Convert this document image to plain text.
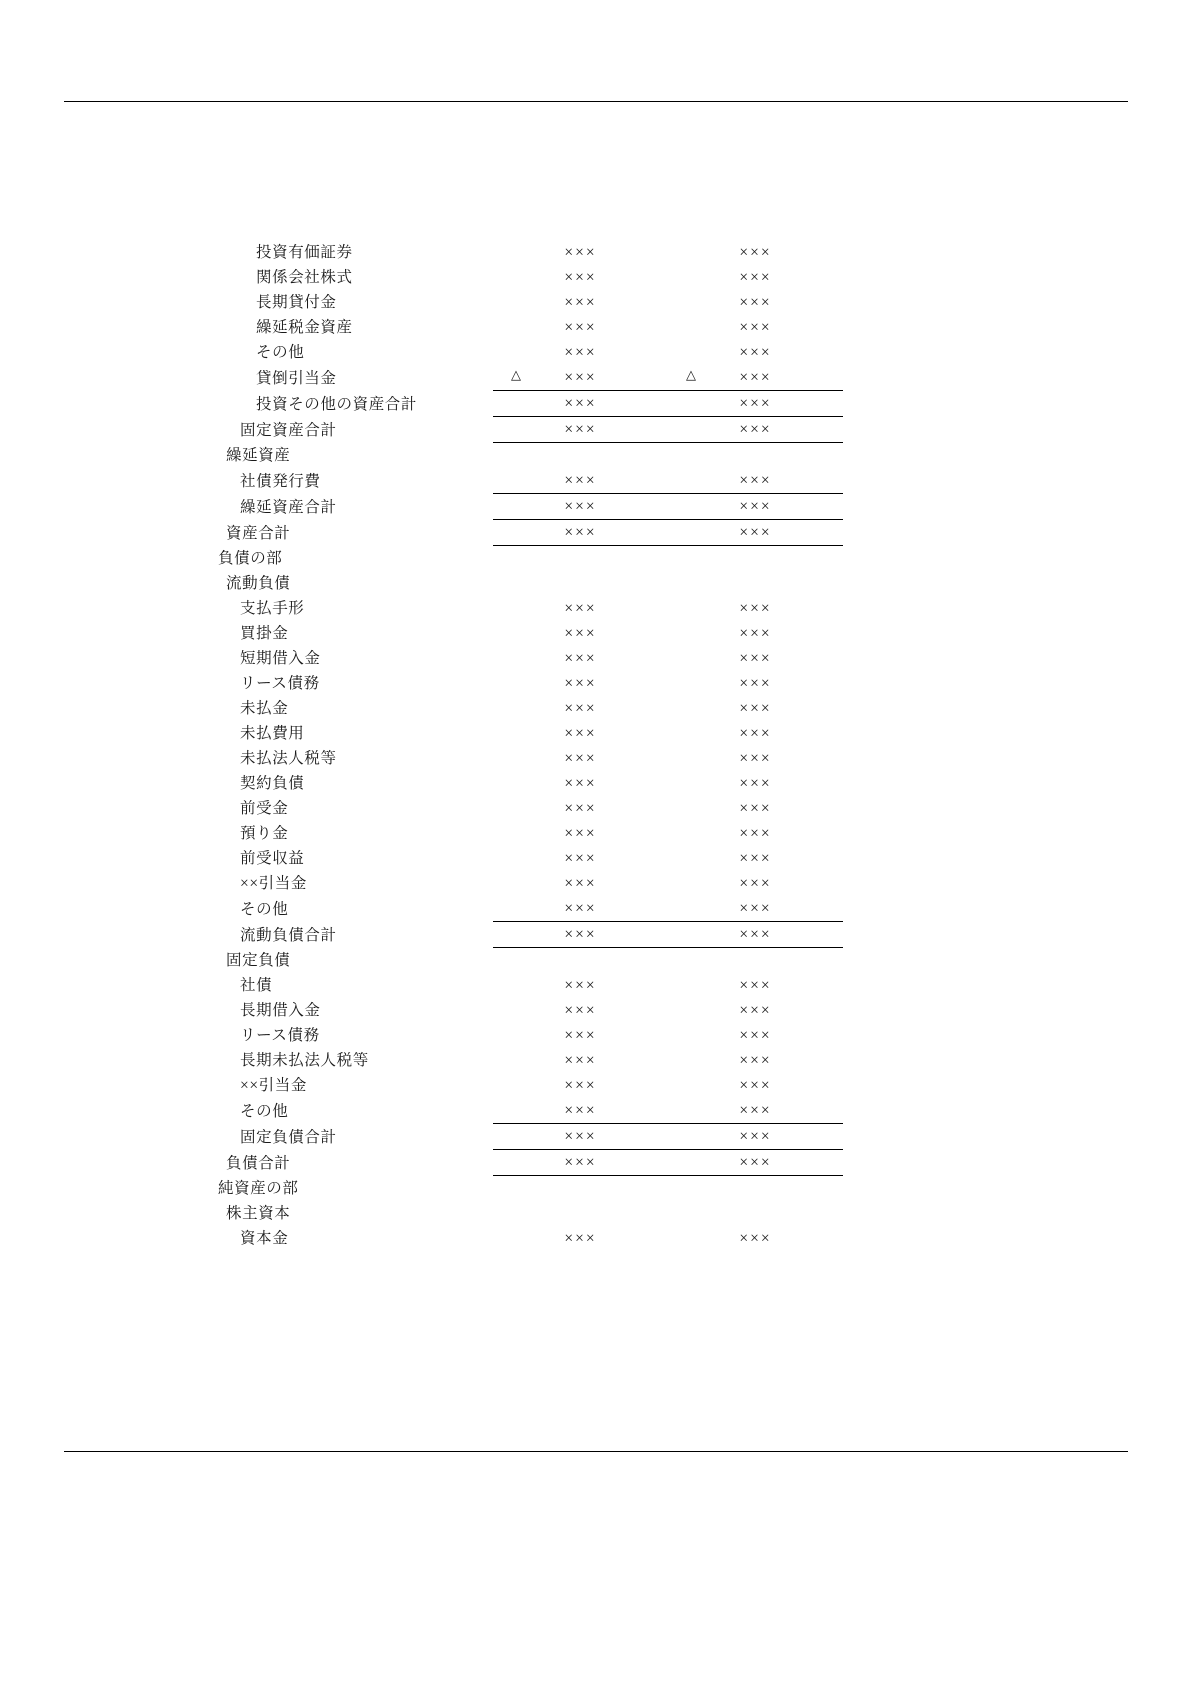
投資有価証券	×××	×××
関係会社株式	×××	×××
長期貸付金	×××	×××
繰延税金資産	×××	×××
その他	×××	×××
貸倒引当金	△ ×××	△ ×××
投資その他の資産合計	×××	×××
固定資産合計	×××	×××
繰延資産		
社債発行費	×××	×××
繰延資産合計	×××	×××
資産合計	×××	×××
負債の部		
流動負債		
支払手形	×××	×××
買掛金	×××	×××
短期借入金	×××	×××
リース債務	×××	×××
未払金	×××	×××
未払費用	×××	×××
未払法人税等	×××	×××
契約負債	×××	×××
前受金	×××	×××
預り金	×××	×××
前受収益	×××	×××
××引当金	×××	×××
その他	×××	×××
流動負債合計	×××	×××
固定負債		
社債	×××	×××
長期借入金	×××	×××
リース債務	×××	×××
長期未払法人税等	×××	×××
××引当金	×××	×××
その他	×××	×××
固定負債合計	×××	×××
負債合計	×××	×××
純資産の部		
株主資本		
資本金	×××	×××
